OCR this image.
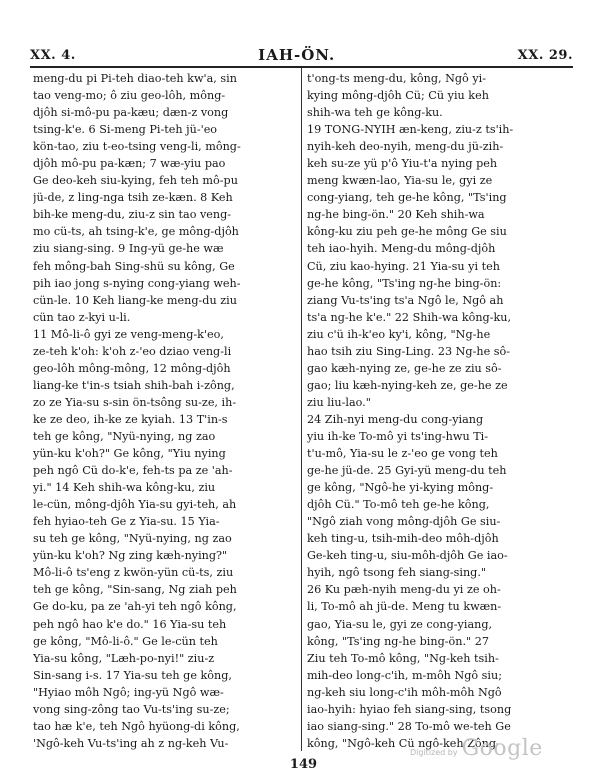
XX. 4.	IAH-ÖN.	XX. 29.
meng-du pi Pi-teh diao-teh kw'a, sin
tao veng-mo; ô ziu geo-lôh, mông-
djôh si-mô-pu pa-kæu; dæn-z vong
tsing-k'e. 6 Si-meng Pi-teh jü-'eo
kön-tao, ziu t-eo-tsing veng-li, mông-
djôh mô-pu pa-kæn; 7 wæ-yiu pao
Ge deo-keh siu-kying, feh teh mô-pu
jü-de, z ling-nga tsih ze-kæn. 8 Keh
bih-ke meng-du, ziu-z sin tao veng-
mo cü-ts, ah tsing-k'e, ge mông-djôh
ziu siang-sing. 9 Ing-yü ge-he wæ
feh mông-bah Sing-shü su kông, Ge
pih iao jong s-nying cong-yiang weh-
cün-le. 10 Keh liang-ke meng-du ziu
cün tao z-kyi u-li.
11 Mô-li-ô gyi ze veng-meng-k'eo,
ze-teh k'oh: k'oh z-'eo dziao veng-li
geo-lôh mông-mông, 12 mông-djôh
liang-ke t'in-s tsiah shih-bah i-zông,
zo ze Yia-su s-sin ön-tsông su-ze, ih-
ke ze deo, ih-ke ze kyiah. 13 T'in-s
teh ge kông, "Nyü-nying, ng zao
yün-ku k'oh?" Ge kông, "Yiu nying
peh ngô Cü do-k'e, feh-ts pa ze 'ah-
yi." 14 Keh shih-wa kông-ku, ziu
le-cün, mông-djôh Yia-su gyi-teh, ah
feh hyiao-teh Ge z Yia-su. 15 Yia-
su teh ge kông, "Nyü-nying, ng zao
yün-ku k'oh? Ng zing kæh-nying?"
Mô-li-ô ts'eng z kwön-yün cü-ts, ziu
teh ge kông, "Sin-sang, Ng ziah peh
Ge do-ku, pa ze 'ah-yi teh ngô kông,
peh ngô hao k'e do." 16 Yia-su teh
ge kông, "Mô-li-ô." Ge le-cün teh
Yia-su kông, "Læh-po-nyi!" ziu-z
Sin-sang i-s. 17 Yia-su teh ge kông,
"Hyiao môh Ngô; ing-yü Ngô wæ-
vong sing-zông tao Vu-ts'ing su-ze;
tao hæ k'e, teh Ngô hyüong-di kông,
'Ngô-keh Vu-ts'ing ah z ng-keh Vu-
t'ong-ts meng-du, kông, Ngô yi-
kying mông-djôh Cü; Cü yiu keh
shih-wa teh ge kông-ku.
19 TONG-NYIH æn-keng, ziu-z ts'ih-
nyih-keh deo-nyih, meng-du jü-zih-
keh su-ze yü p'ô Yiu-t'a nying peh
meng kwæn-lao, Yia-su le, gyi ze
cong-yiang, teh ge-he kông, "Ts'ing
ng-he bing-ön." 20 Keh shih-wa
kông-ku ziu peh ge-he mông Ge siu
teh iao-hyih. Meng-du mông-djôh
Cü, ziu kao-hying. 21 Yia-su yi teh
ge-he kông, "Ts'ing ng-he bing-ön:
ziang Vu-ts'ing ts'a Ngô le, Ngô ah
ts'a ng-he k'e." 22 Shih-wa kông-ku,
ziu c'ü ih-k'eo ky'i, kông, "Ng-he
hao tsih ziu Sing-Ling. 23 Ng-he sô-
gao kæh-nying ze, ge-he ze ziu sô-
gao; liu kæh-nying-keh ze, ge-he ze
ziu liu-lao."
24 Zih-nyi meng-du cong-yiang
yiu ih-ke To-mô yi ts'ing-hwu Ti-
t'u-mô, Yia-su le z-'eo ge vong teh
ge-he jü-de. 25 Gyi-yü meng-du teh
ge kông, "Ngô-he yi-kying mông-
djôh Cü." To-mô teh ge-he kông,
"Ngô ziah vong mông-djôh Ge siu-
keh ting-u, tsih-mih-deo môh-djôh
Ge-keh ting-u, siu-môh-djôh Ge iao-
hyih, ngô tsong feh siang-sing."
26 Ku pæh-nyih meng-du yi ze oh-
li, To-mô ah jü-de. Meng tu kwæn-
gao, Yia-su le, gyi ze cong-yiang,
kông, "Ts'ing ng-he bing-ön." 27
Ziu teh To-mô kông, "Ng-keh tsih-
mih-deo long-c'ih, m-môh Ngô siu;
ng-keh siu long-c'ih môh-môh Ngô
iao-hyih: hyiao feh siang-sing, tsong
iao siang-sing." 28 To-mô we-teh Ge
kông, "Ngô-keh Cü ngô-keh Zông-
149
Digitized by Google
